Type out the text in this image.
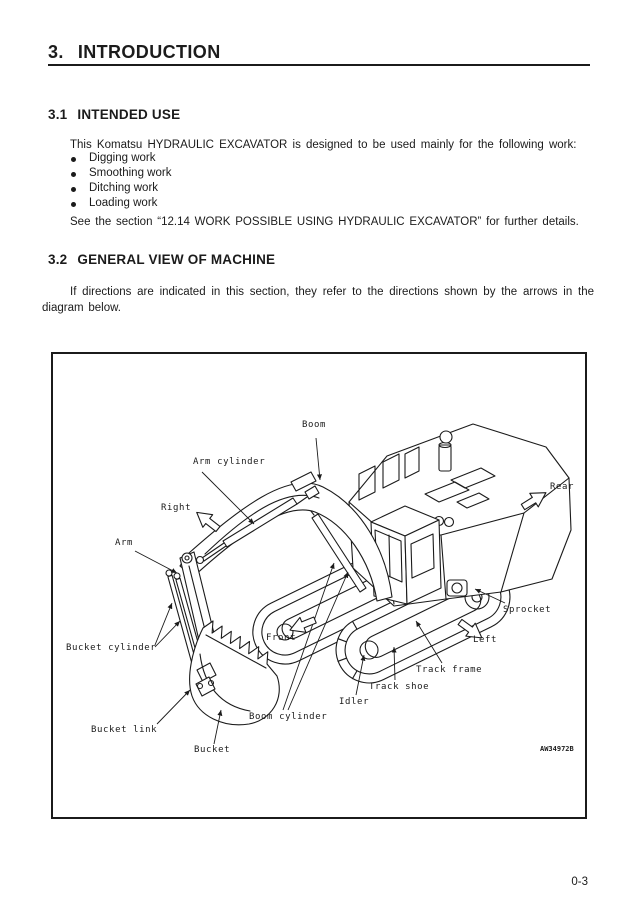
3. INTRODUCTION
3.1 INTENDED USE
This Komatsu HYDRAULIC EXCAVATOR is designed to be used mainly for the following work:
Digging work
Smoothing work
Ditching work
Loading work
See the section “12.14 WORK POSSIBLE USING HYDRAULIC EXCAVATOR” for further details.
3.2 GENERAL VIEW OF MACHINE
If directions are indicated in this section, they refer to the directions shown by the arrows in the diagram below.
Boom
Arm cylinder
Right
Rear
Arm
Bucket cylinder
Front
Bucket link
Bucket
Boom cylinder
Idler
Track shoe
Track frame
Left
Sprocket
AW34972B
0-3
